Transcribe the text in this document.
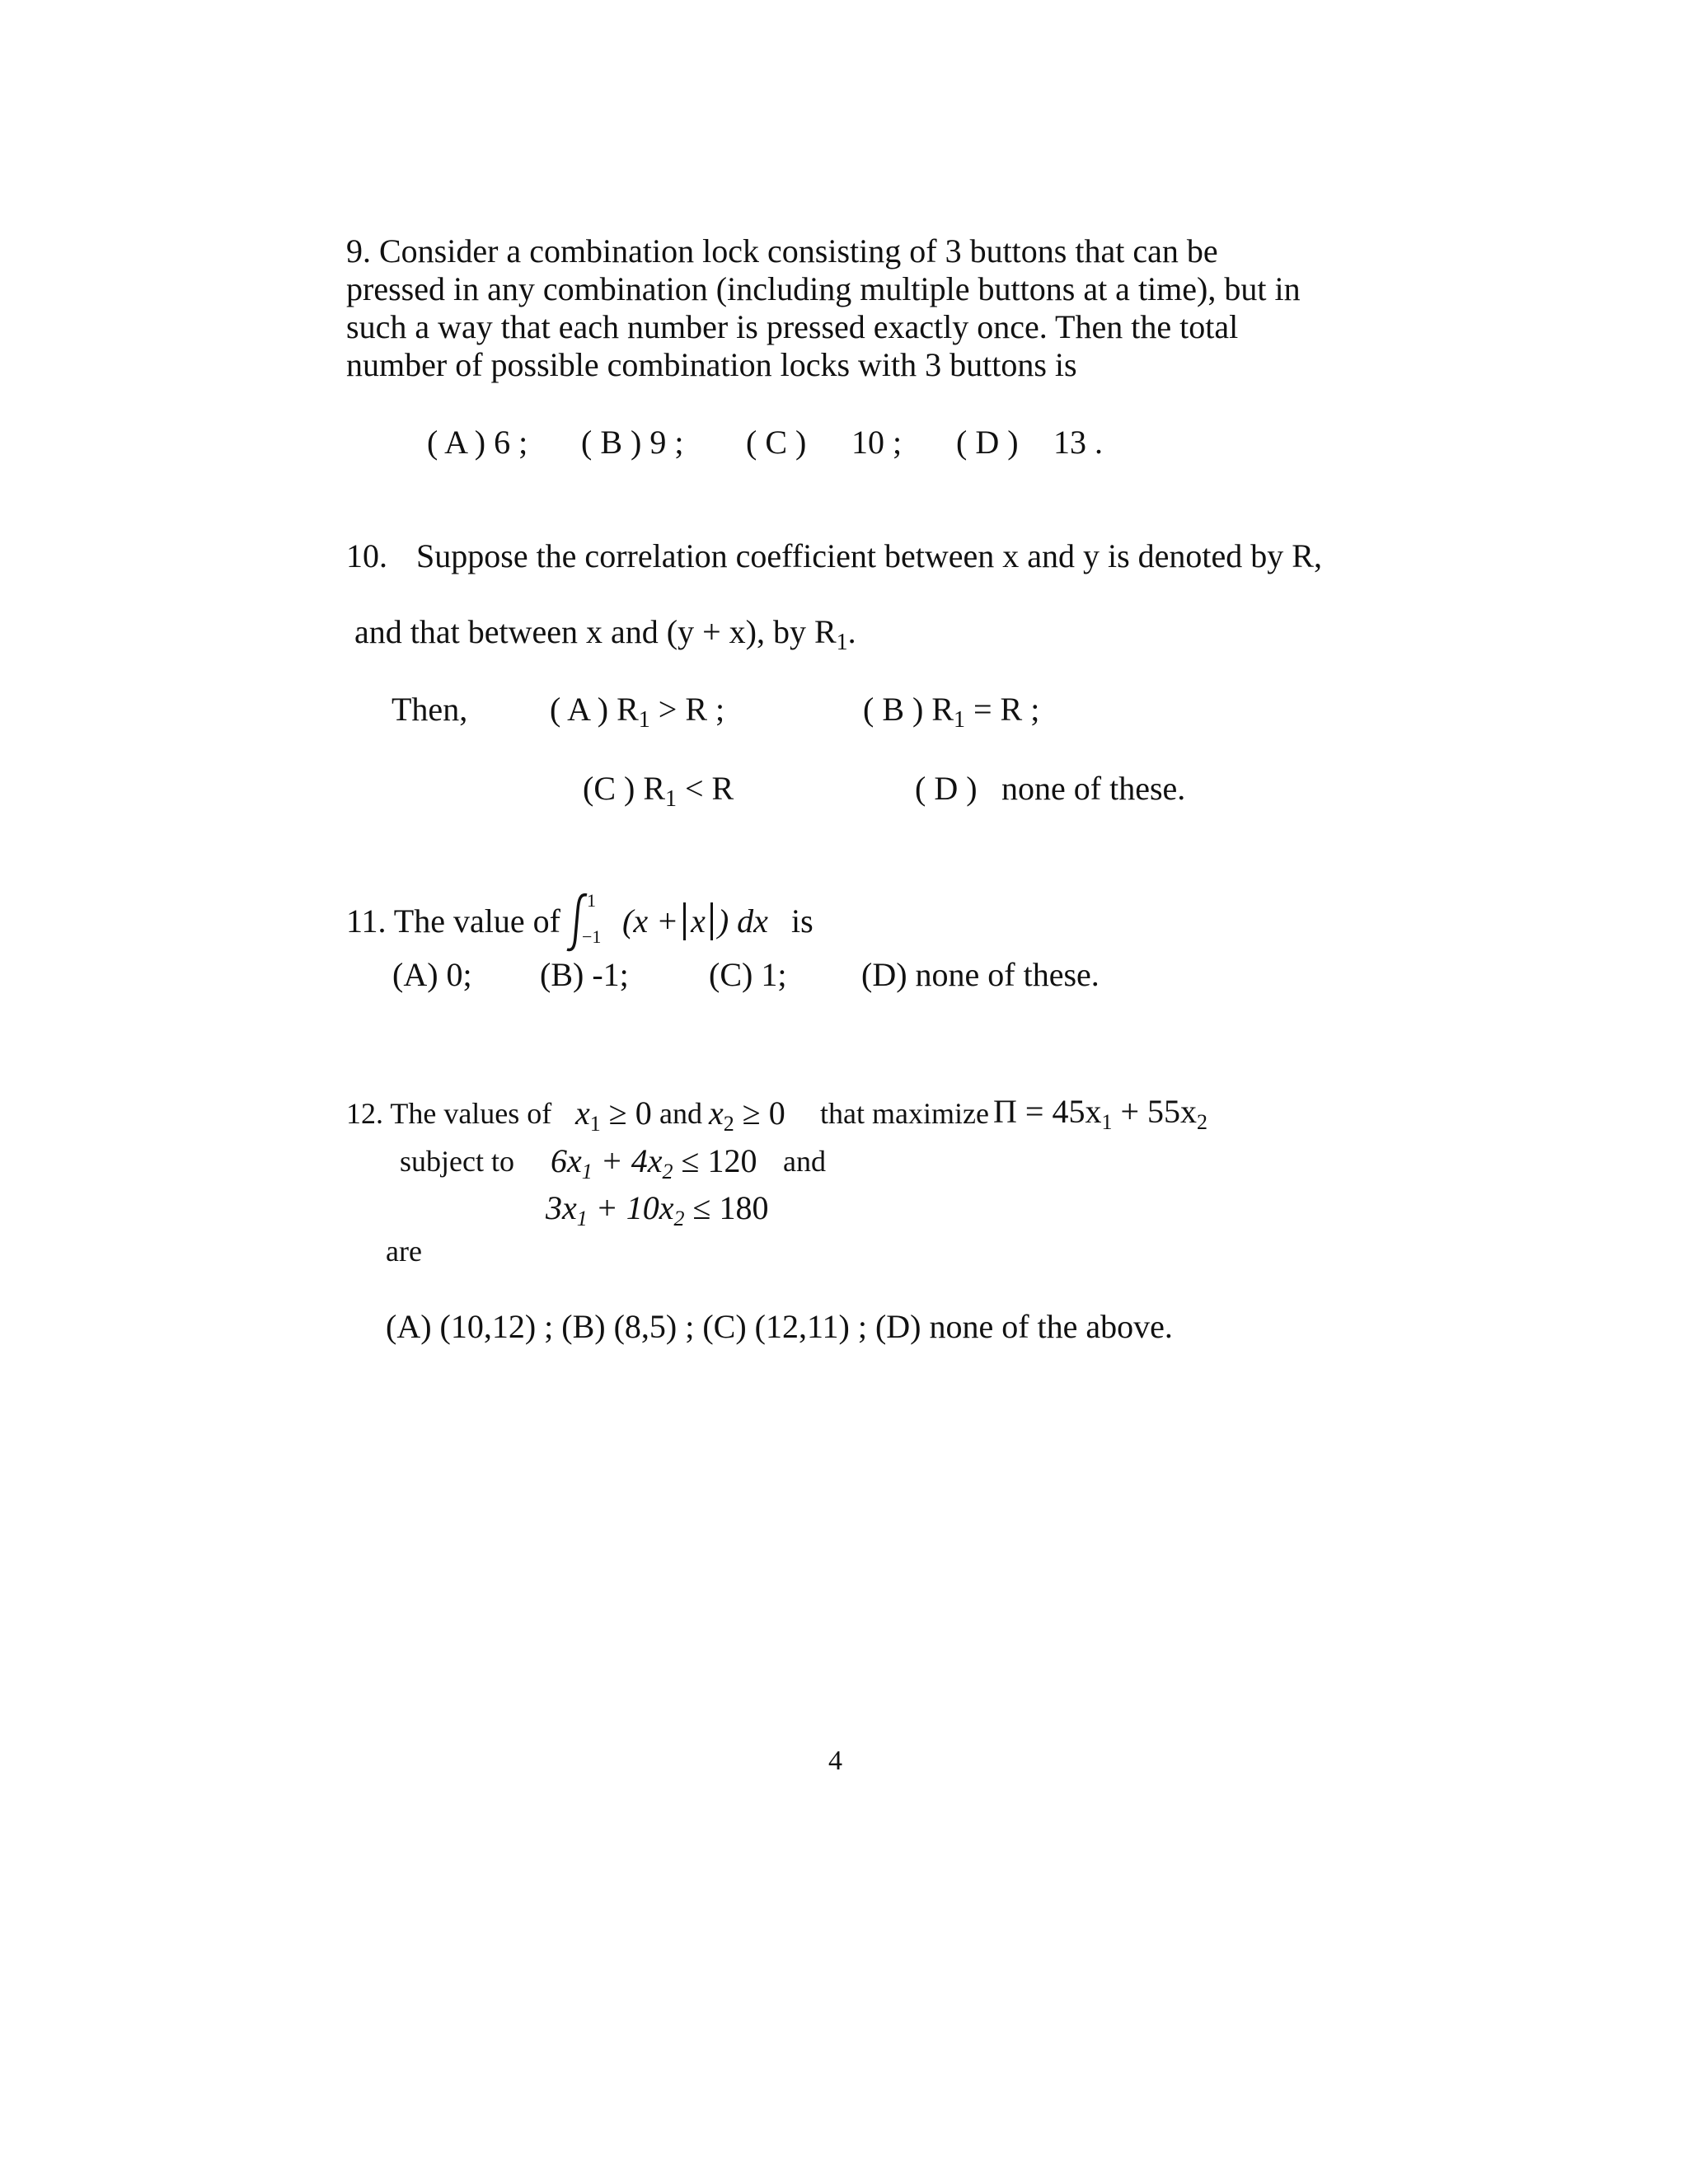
9. Consider a combination lock consisting of 3 buttons that can be
pressed in any combination (including multiple buttons at a time), but in
such a way that each number is pressed exactly once. Then the total
number of possible combination locks with 3 buttons is
( A ) 6 ; ( B ) 9 ; ( C ) 10 ; ( D ) 13 .
10. Suppose the correlation coefficient between x and y is denoted by R,
and that between x and (y + x), by $R_1$.
Then, ( A ) $R_1 > R$ ;	( B ) $R_1 = R$ ;
(C ) $R_1 < R$	( D ) none of these.
11. The value of
1
−1 (x + x ) dx is
(A) 0; (B) -1; (C) 1; (D) none of these.
12. The values of $x_1 \ge 0$ and $x_2 \ge 0$ that maximize $\Pi = 45x_1 + 55x_2$
subject to $6x_1 + 4x_2 \le 120$ and
$3x_1 + 10x_2 \le 180$
are
(A) (10,12) ; (B) (8,5) ; (C) (12,11) ; (D) none of the above.
4
